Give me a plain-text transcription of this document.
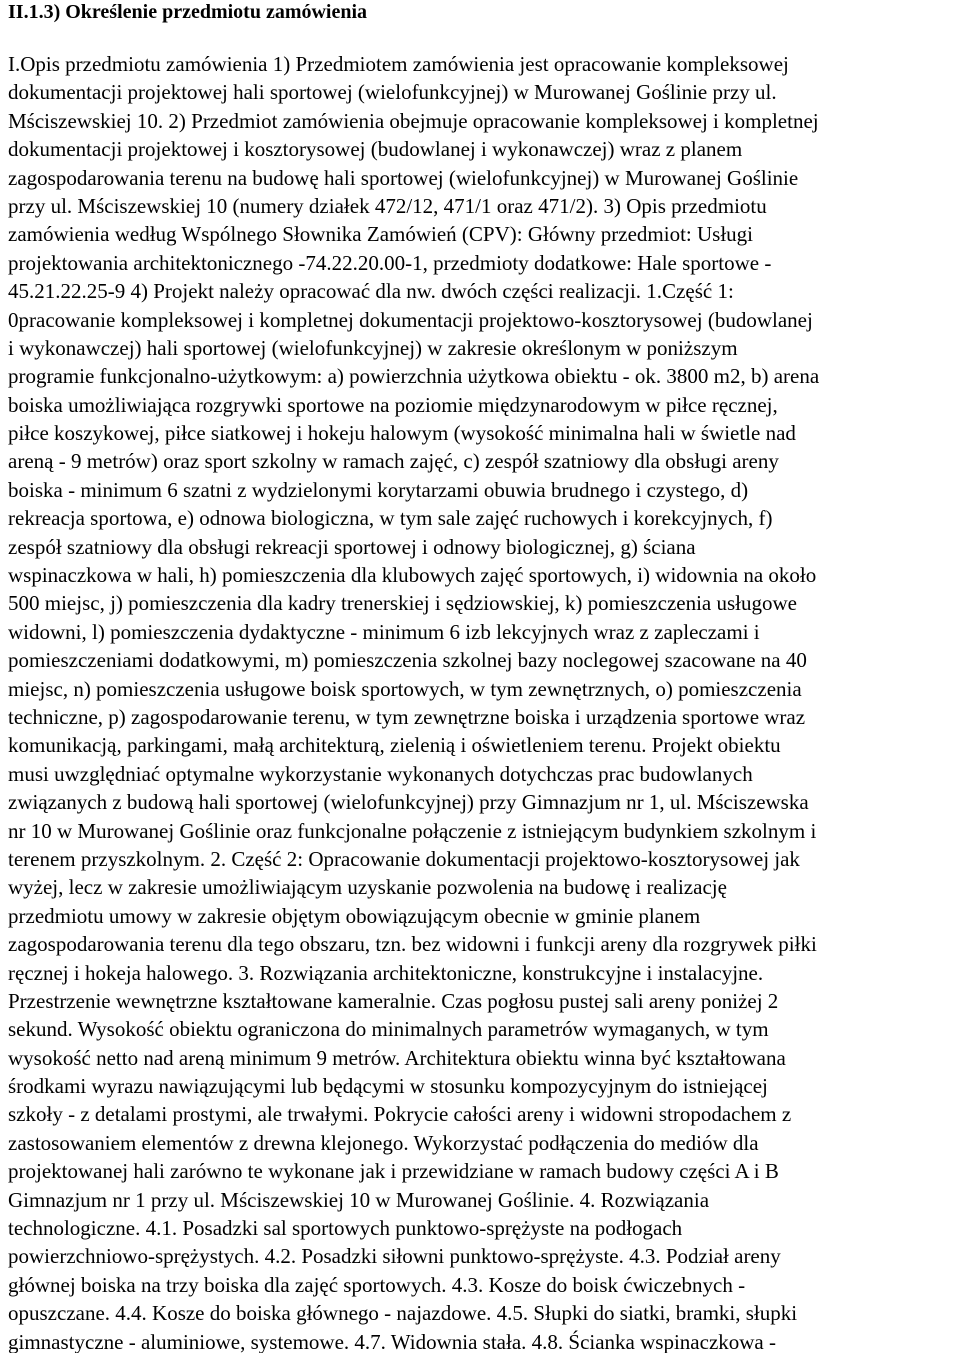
II.1.3) Określenie przedmiotu zamówienia
I.Opis przedmiotu zamówienia 1) Przedmiotem zamówienia jest opracowanie kompleksowej
dokumentacji projektowej hali sportowej (wielofunkcyjnej) w Murowanej Goślinie przy ul.
Mściszewskiej 10. 2) Przedmiot zamówienia obejmuje opracowanie kompleksowej i kompletnej
dokumentacji projektowej i kosztorysowej (budowlanej i wykonawczej) wraz z planem
zagospodarowania terenu na budowę hali sportowej (wielofunkcyjnej) w Murowanej Goślinie
przy ul. Mściszewskiej 10 (numery działek 472/12, 471/1 oraz 471/2). 3) Opis przedmiotu
zamówienia według Wspólnego Słownika Zamówień (CPV): Główny przedmiot: Usługi
projektowania architektonicznego -74.22.20.00-1, przedmioty dodatkowe: Hale sportowe -
45.21.22.25-9 4) Projekt należy opracować dla nw. dwóch części realizacji. 1.Część 1:
0pracowanie kompleksowej i kompletnej dokumentacji projektowo-kosztorysowej (budowlanej
i wykonawczej) hali sportowej (wielofunkcyjnej) w zakresie określonym w poniższym
programie funkcjonalno-użytkowym: a) powierzchnia użytkowa obiektu - ok. 3800 m2, b) arena
boiska umożliwiająca rozgrywki sportowe na poziomie międzynarodowym w piłce ręcznej,
piłce koszykowej, piłce siatkowej i hokeju halowym (wysokość minimalna hali w świetle nad
areną - 9 metrów) oraz sport szkolny w ramach zajęć, c) zespół szatniowy dla obsługi areny
boiska - minimum 6 szatni z wydzielonymi korytarzami obuwia brudnego i czystego, d)
rekreacja sportowa, e) odnowa biologiczna, w tym sale zajęć ruchowych i korekcyjnych, f)
zespół szatniowy dla obsługi rekreacji sportowej i odnowy biologicznej, g) ściana
wspinaczkowa w hali, h) pomieszczenia dla klubowych zajęć sportowych, i) widownia na około
500 miejsc, j) pomieszczenia dla kadry trenerskiej i sędziowskiej, k) pomieszczenia usługowe
widowni, l) pomieszczenia dydaktyczne - minimum 6 izb lekcyjnych wraz z zapleczami i
pomieszczeniami dodatkowymi, m) pomieszczenia szkolnej bazy noclegowej szacowane na 40
miejsc, n) pomieszczenia usługowe boisk sportowych, w tym zewnętrznych, o) pomieszczenia
techniczne, p) zagospodarowanie terenu, w tym zewnętrzne boiska i urządzenia sportowe wraz
komunikacją, parkingami, małą architekturą, zielenią i oświetleniem terenu. Projekt obiektu
musi uwzględniać optymalne wykorzystanie wykonanych dotychczas prac budowlanych
związanych z budową hali sportowej (wielofunkcyjnej) przy Gimnazjum nr 1, ul. Mściszewska
nr 10 w Murowanej Goślinie oraz funkcjonalne połączenie z istniejącym budynkiem szkolnym i
terenem przyszkolnym. 2. Część 2: Opracowanie dokumentacji projektowo-kosztorysowej jak
wyżej, lecz w zakresie umożliwiającym uzyskanie pozwolenia na budowę i realizację
przedmiotu umowy w zakresie objętym obowiązującym obecnie w gminie planem
zagospodarowania terenu dla tego obszaru, tzn. bez widowni i funkcji areny dla rozgrywek piłki
ręcznej i hokeja halowego. 3. Rozwiązania architektoniczne, konstrukcyjne i instalacyjne.
Przestrzenie wewnętrzne kształtowane kameralnie. Czas pogłosu pustej sali areny poniżej 2
sekund. Wysokość obiektu ograniczona do minimalnych parametrów wymaganych, w tym
wysokość netto nad areną minimum 9 metrów. Architektura obiektu winna być kształtowana
środkami wyrazu nawiązującymi lub będącymi w stosunku kompozycyjnym do istniejącej
szkoły - z detalami prostymi, ale trwałymi. Pokrycie całości areny i widowni stropodachem z
zastosowaniem elementów z drewna klejonego. Wykorzystać podłączenia do mediów dla
projektowanej hali zarówno te wykonane jak i przewidziane w ramach budowy części A i B
Gimnazjum nr 1 przy ul. Mściszewskiej 10 w Murowanej Goślinie. 4. Rozwiązania
technologiczne. 4.1. Posadzki sal sportowych punktowo-sprężyste na podłogach
powierzchniowo-sprężystych. 4.2. Posadzki siłowni punktowo-sprężyste. 4.3. Podział areny
głównej boiska na trzy boiska dla zajęć sportowych. 4.3. Kosze do boisk ćwiczebnych -
opuszczane. 4.4. Kosze do boiska głównego - najazdowe. 4.5. Słupki do siatki, bramki, słupki
gimnastyczne - aluminiowe, systemowe. 4.7. Widownia stała. 4.8. Ścianka wspinaczkowa -
